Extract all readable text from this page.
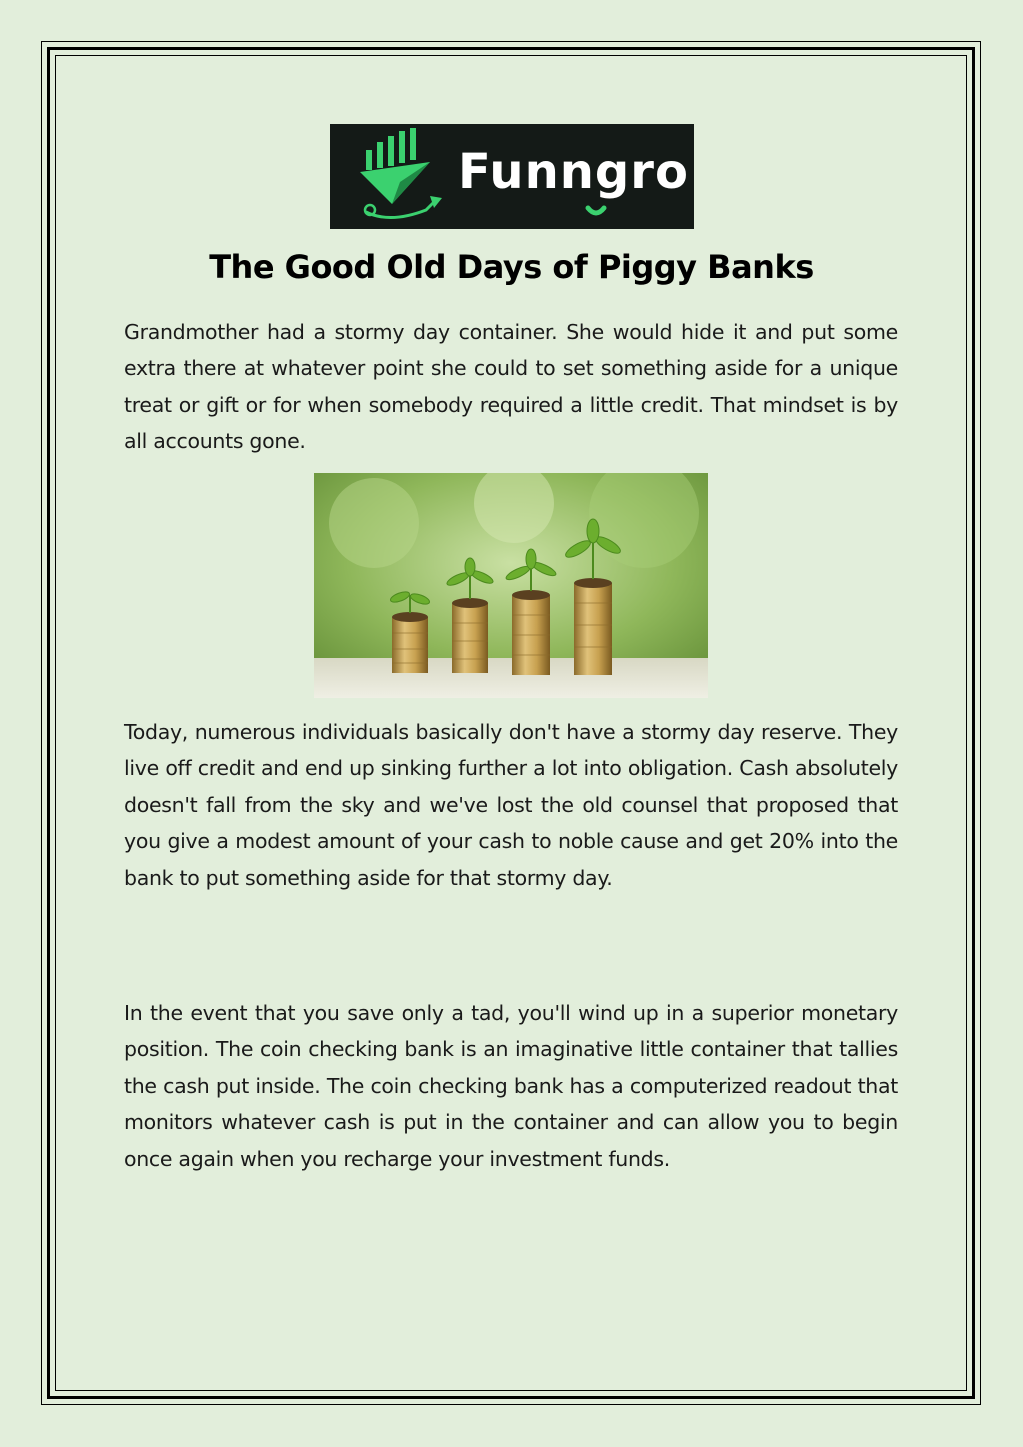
Funngro
The Good Old Days of Piggy Banks

Grandmother had a stormy day container. She would hide it and put some extra there at whatever point she could to set something aside for a unique treat or gift or for when somebody required a little credit. That mindset is by all accounts gone.

Today, numerous individuals basically don't have a stormy day reserve. They live off credit and end up sinking further a lot into obligation. Cash absolutely doesn't fall from the sky and we've lost the old counsel that proposed that you give a modest amount of your cash to noble cause and get 20% into the bank to put something aside for that stormy day.

In the event that you save only a tad, you'll wind up in a superior monetary position. The coin checking bank is an imaginative little container that tallies the cash put inside. The coin checking bank has a computerized readout that monitors whatever cash is put in the container and can allow you to begin once again when you recharge your investment funds.
